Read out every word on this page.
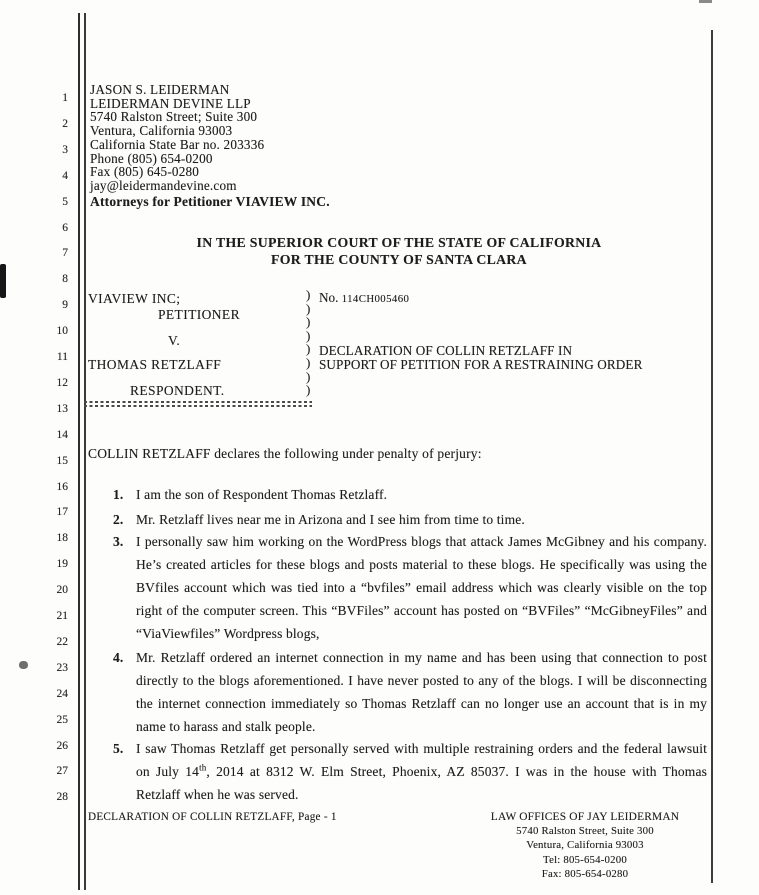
1
2
3
4
5
6
7
8
9
10
11
12
13
14
15
16
17
18
19
20
21
22
23
24
25
26
27
28
JASON S. LEIDERMAN
LEIDERMAN DEVINE LLP
5740 Ralston Street; Suite 300
Ventura, California 93003
California State Bar no. 203336
Phone (805) 654-0200
Fax (805) 645-0280
jay@leidermandevine.com
Attorneys for Petitioner VIAVIEW INC.
IN THE SUPERIOR COURT OF THE STATE OF CALIFORNIA
FOR THE COUNTY OF SANTA CLARA
VIAVIEW INC;
PETITIONER
V.
THOMAS RETZLAFF
RESPONDENT.
)
)
)
)
)
)
)
)
No. 114CH005460
DECLARATION OF COLLIN RETZLAFF IN
SUPPORT OF PETITION FOR A RESTRAINING ORDER
COLLIN RETZLAFF declares the following under penalty of perjury:
1. I am the son of Respondent Thomas Retzlaff.
2. Mr. Retzlaff lives near me in Arizona and I see him from time to time.
3. I personally saw him working on the WordPress blogs that attack James McGibney and his company. He’s created articles for these blogs and posts material to these blogs. He specifically was using the BVfiles account which was tied into a “bvfiles” email address which was clearly visible on the top right of the computer screen. This “BVFiles” account has posted on “BVFiles” “McGibneyFiles” and “ViaViewfiles” Wordpress blogs,
4. Mr. Retzlaff ordered an internet connection in my name and has been using that connection to post directly to the blogs aforementioned. I have never posted to any of the blogs. I will be disconnecting the internet connection immediately so Thomas Retzlaff can no longer use an account that is in my name to harass and stalk people.
5. I saw Thomas Retzlaff get personally served with multiple restraining orders and the federal lawsuit on July 14th, 2014 at 8312 W. Elm Street, Phoenix, AZ 85037. I was in the house with Thomas Retzlaff when he was served.
DECLARATION OF COLLIN RETZLAFF, Page - 1	LAW OFFICES OF JAY LEIDERMAN
5740 Ralston Street, Suite 300
Ventura, California 93003
Tel: 805-654-0200
Fax: 805-654-0280
